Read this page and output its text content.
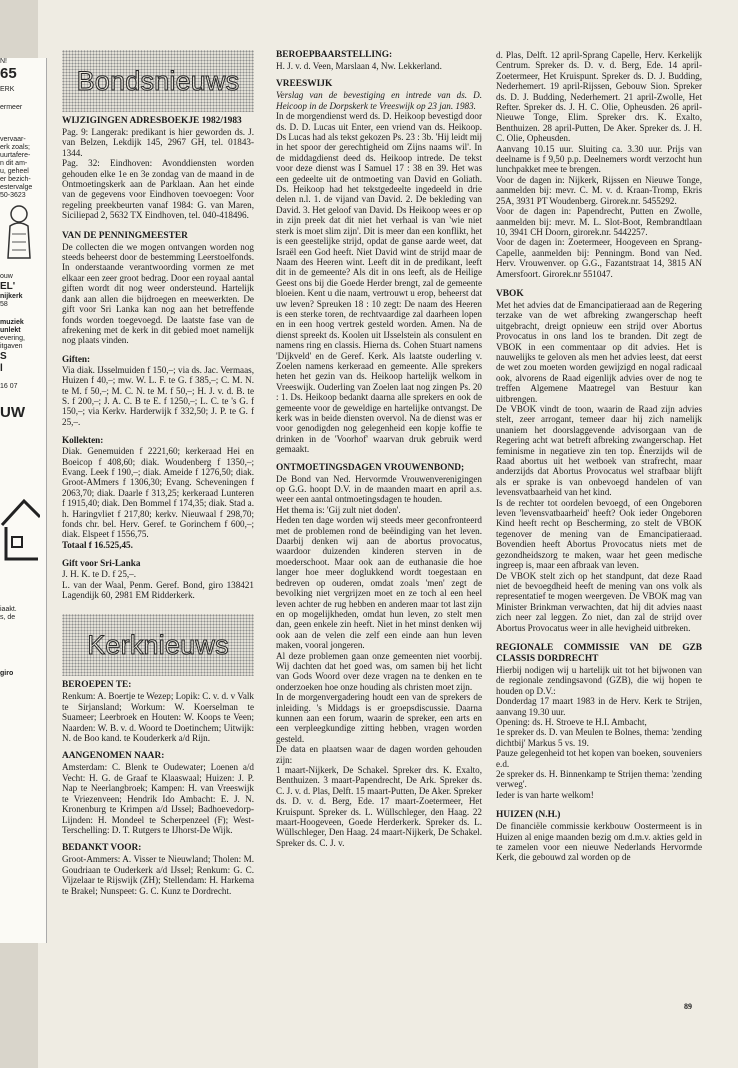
N!
65
ERK
ermeer
vervaar-
erk zoals;
uurtafere-
n dit am-
u, geheel
er bezich-
estervalge
50-3623
ouw
EL'
nijkerk
58
muziek
unlekt
evering,
itgaven
S
l
16 07
UW
iaakt.
s, de
giro
Bondsnieuws
WIJZIGINGEN ADRESBOEKJE 1982/1983

Pag. 9: Langerak: predikant is hier geworden ds. J. van Belzen, Lekdijk 145, 2967 GH, tel. 01843-1344.

Pag. 32: Eindhoven: Avonddiensten worden gehouden elke 1e en 3e zondag van de maand in de Ontmoetingskerk aan de Parklaan. Aan het einde van de gegevens voor Eindhoven toevoegen: Voor regeling preekbeurten vanaf 1984: G. van Maren, Siciliepad 2, 5632 TX Eindhoven, tel. 040-418496.

VAN DE PENNINGMEESTER

De collecten die we mogen ontvangen worden nog steeds beheerst door de bestemming Leerstoelfonds. In onderstaande verantwoording vormen ze met elkaar een zeer groot bedrag. Door een royaal aantal giften wordt dit nog weer ondersteund. Hartelijk dank aan allen die bijdroegen en meewerkten. De gift voor Sri Lanka kan nog aan het betreffende fonds worden toegevoegd. De laatste fase van de afrekening met de kerk in dit gebied moet namelijk nog plaats vinden.

Giften:

Via diak. IJsselmuiden f 150,–; via ds. Jac. Vermaas, Huizen f 40,–; mw. W. L. F. te G. f 385,–; C. M. N. te M. f 50,–; M. C. N. te M. f 50,–; H. J. v. d. B. te S. f 200,–; J. A. C. B te E. f 1250,–; L. C. te 's G. f 150,–; via Kerkv. Harderwijk f 332,50; J. P. te G. f 25,–.

Kollekten:

Diak. Genemuiden f 2221,60; kerkeraad Hei en Boeicop f 408,60; diak. Woudenberg f 1350,–; Evang. Leek f 190,–; diak. Ameide f 1276,50; diak. Groot-AMmers f 1306,30; Evang. Scheveningen f 2063,70; diak. Daarle f 313,25; kerkeraad Lunteren f 1915,40; diak. Den Bommel f 174,35; diak. Stad a. h. Haringvliet f 217,80; kerkv. Nieuwaal f 298,70; fonds chr. bel. Herv. Geref. te Gorinchem f 600,–; diak. Elspeet f 1556,75.

Totaal f 16.525,45.

Gift voor Sri-Lanka

J. H. K. te D. f 25,–.

L. van der Waal, Penm. Geref. Bond, giro 138421 Lagendijk 60, 2981 EM Ridderkerk.

Kerknieuws
BEROEPEN TE:

Renkum: A. Boertje te Wezep; Lopik: C. v. d. v Valk te Sirjansland; Workum: W. Koerselman te Suameer; Leerbroek en Houten: W. Koops te Veen; Naarden: W. B. v. d. Woord te Doetinchem; Uitwijk: N. de Boo kand. te Kouderkerk a/d Rijn.

AANGENOMEN NAAR:

Amsterdam: C. Blenk te Oudewater; Loenen a/d Vecht: H. G. de Graaf te Klaaswaal; Huizen: J. P. Nap te Neerlangbroek; Kampen: H. van Vreeswijk te Vriezenveen; Hendrik Ido Ambacht: E. J. N. Kronenburg te Krimpen a/d IJssel; Badhoevedorp-Lijnden: H. Mondeel te Scherpenzeel (F); West-Terschelling: D. T. Rutgers te IJhorst-De Wijk.

BEDANKT VOOR:

Groot-Ammers: A. Visser te Nieuwland; Tholen: M. Goudriaan te Ouderkerk a/d IJssel; Renkum: G. C. Vijzelaar te Rijswijk (ZH); Stellendam: H. Harkema te Brakel; Nunspeet: G. C. Kunz te Dordrecht.

BEROEPBAARSTELLING:

H. J. v. d. Veen, Marslaan 4, Nw. Lekkerland.

VREESWIJK

Verslag van de bevestiging en intrede van ds. D. Heicoop in de Dorpskerk te Vreeswijk op 23 jan. 1983.

In de morgendienst werd ds. D. Heikoop bevestigd door ds. D. D. Lucas uit Enter, een vriend van ds. Heikoop. Ds Lucas had als tekst gekozen Ps. 23 : 3b. 'Hij leidt mij in het spoor der gerechtigheid om Zijns naams wil'. In de middagdienst deed ds. Heikoop intrede. De tekst voor deze dienst was I Samuel 17 : 38 en 39. Het was een gedeelte uit de ontmoeting van David en Goliath. Ds. Heikoop had het tekstgedeelte ingedeeld in drie delen n.l. 1. de vijand van David. 2. De bekleding van David. 3. Het geloof van David. Ds Heikoop wees er op in zijn preek dat dit niet het verhaal is van 'wie niet sterk is moet slim zijn'. Dit is meer dan een konflikt, het is een geestelijke strijd, opdat de ganse aarde weet, dat Israël een God heeft. Niet David wint de strijd maar de Naam des Heeren wint. Leeft dit in de predikant, leeft dit in de gemeente? Als dit in ons leeft, als de Heilige Geest ons bij die Goede Herder brengt, zal de gemeente bloeien. Kent u die naam, vertrouwt u erop, beheerst dat uw leven? Spreuken 18 : 10 zegt: De naam des Heeren is een sterke toren, de rechtvaardige zal daarheen lopen en in een hoog vertrek gesteld worden. Amen. Na de dienst spreekt ds. Koolen uit IJsselstein als consulent en namens ring en classis. Hierna ds. Cohen Stuart namens 'Dijkveld' en de Geref. Kerk. Als laatste ouderling v. Zoelen namens kerkeraad en gemeente. Alle sprekers heten het gezin van ds. Heikoop hartelijk welkom in Vreeswijk. Ouderling van Zoelen laat nog zingen Ps. 20 : 1. Ds. Heikoop bedankt daarna alle sprekers en ook de gemeente voor de geweldige en hartelijke ontvangst. De kerk was in beide diensten overvol. Na de dienst was er voor genodigden nog gelegenheid een kopje koffie te drinken in de 'Voorhof' waarvan druk gebruik werd gemaakt.

ONTMOETINGSDAGEN VROUWENBOND;

De Bond van Ned. Hervormde Vrouwenverenigingen op G.G. hoopt D.V. in de maanden maart en april a.s. weer een aantal ontmoetingsdagen te houden.

Het thema is: 'Gij zult niet doden'.

Heden ten dage worden wij steeds meer geconfronteerd met de problemen rond de beëindiging van het leven. Daarbij denken wij aan de abortus provocatus, waardoor duizenden kinderen sterven in de moederschoot. Maar ook aan de euthanasie die hoe langer hoe meer doglukkend wordt toegestaan en bedreven op ouderen, omdat zoals 'men' zegt de bevolking niet vergrijzen moet en ze toch al een heel leven achter de rug hebben en anderen maar tot last zijn en op mogelijkheden, omdat hun leven, zo stelt men dan, geen enkele zin heeft. Niet in het minst denken wij ook aan de velen die zelf een einde aan hun leven maken, vooral jongeren.

Al deze problemen gaan onze gemeenten niet voorbij. Wij dachten dat het goed was, om samen bij het licht van Gods Woord over deze vragen na te denken en te onderzoeken hoe onze houding als christen moet zijn.

In de morgenvergadering houdt een van de sprekers de inleiding. 's Middags is er groepsdiscussie. Daarna kunnen aan een forum, waarin de spreker, een arts en een verpleegkundige zitting hebben, vragen worden gesteld.

De data en plaatsen waar de dagen worden gehouden zijn:

1 maart-Nijkerk, De Schakel. Spreker drs. K. Exalto, Benthuizen. 3 maart-Papendrecht, De Ark. Spreker ds. C. J. v. d. Plas, Delft. 15 maart-Putten, De Aker. Spreker ds. D. v. d. Berg, Ede. 17 maart-Zoetermeer, Het Kruispunt. Spreker ds. L. Wüllschleger, den Haag. 22 maart-Hoogeveen, Goede Herderkerk. Spreker ds. L. Wüllschleger, Den Haag. 24 maart-Nijkerk, De Schakel. Spreker ds. C. J. v.

d. Plas, Delft. 12 april-Sprang Capelle, Herv. Kerkelijk Centrum. Spreker ds. D. v. d. Berg, Ede. 14 april-Zoetermeer, Het Kruispunt. Spreker ds. D. J. Budding, Nederhemert. 19 april-Rijssen, Gebouw Sion. Spreker ds. D. J. Budding, Nederhemert. 21 april-Zwolle, Het Refter. Spreker ds. J. H. C. Olie, Opheusden. 26 april-Nieuwe Tonge, Elim. Spreker drs. K. Exalto, Benthuizen. 28 april-Putten, De Aker. Spreker ds. J. H. C. Olie, Opheusden.

Aanvang 10.15 uur. Sluiting ca. 3.30 uur. Prijs van deelname is f 9,50 p.p. Deelnemers wordt verzocht hun lunchpakket mee te brengen.

Voor de dagen in: Nijkerk, Rijssen en Nieuwe Tonge, aanmelden bij: mevr. C. M. v. d. Kraan-Tromp, Ekris 25A, 3931 PT Woudenberg. Girorek.nr. 5455292.

Voor de dagen in: Papendrecht, Putten en Zwolle, aanmelden bij: mevr. M. L. Slot-Boot, Rembrandtlaan 10, 3941 CH Doorn, girorek.nr. 5442257.

Voor de dagen in: Zoetermeer, Hoogeveen en Sprang-Capelle, aanmelden bij: Penningm. Bond van Ned. Herv. Vrouwenver. op G.G., Fazantstraat 14, 3815 AN Amersfoort. Girorek.nr 551047.

VBOK

Met het advies dat de Emancipatieraad aan de Regering terzake van de wet afbreking zwangerschap heeft uitgebracht, dreigt opnieuw een strijd over Abortus Provocatus in ons land los te branden. Dit zegt de VBOK in een commentaar op dit advies. Het is nauwelijks te geloven als men het advies leest, dat eerst de wet zou moeten worden gewijzigd en nogal radicaal ook, alvorens de Raad eigenlijk advies over de nog te treffen Algemene Maatregel van Bestuur kan uitbrengen.

De VBOK vindt de toon, waarin de Raad zijn advies stelt, zeer arrogant, temeer daar hij zich namelijk unaniem het doorslaggevende advisorgaan van de Regering acht wat betreft afbreking zwangerschap. Het feminisme in negatieve zin ten top. Énerzijds wil de Raad abortus uit het wetboek van strafrecht, maar anderzijds dat Abortus Provocatus wel strafbaar blijft als er sprake is van onbevoegd handelen of van levensvatbaarheid van het kind.

Is de rechter tot oordelen bevoegd, of een Ongeboren leven 'levensvatbaarheid' heeft? Ook ieder Ongeboren Kind heeft recht op Bescherming, zo stelt de VBOK tegenover de mening van de Emancipatieraad. Bovendien heeft Abortus Provocatus niets met de gezondheidszorg te maken, waar het geen medische ingreep is, maar een afbraak van leven.

De VBOK stelt zich op het standpunt, dat deze Raad niet de bevoegdheid heeft de mening van ons volk als representatief te mogen weergeven. De VBOK mag van Minister Brinkman verwachten, dat hij dit advies naast zich neer zal leggen. Zo niet, dan zal de strijd over Abortus Provocatus weer in alle hevigheid uitbreken.

REGIONALE COMMISSIE VAN DE GZB CLASSIS DORDRECHT

Hierbij nodigen wij u hartelijk uit tot het bijwonen van de regionale zendingsavond (GZB), die wij hopen te houden op D.V.:

Donderdag 17 maart 1983 in de Herv. Kerk te Strijen, aanvang 19.30 uur.

Opening: ds. H. Stroeve te H.I. Ambacht,

1e spreker ds. D. van Meulen te Bolnes, thema: 'zending dichtbij' Markus 5 vs. 19.

Pauze gelegenheid tot het kopen van boeken, souveniers e.d.

2e spreker ds. H. Binnenkamp te Strijen thema: 'zending verweg'.

Ieder is van harte welkom!

HUIZEN (N.H.)

De financiële commissie kerkbouw Oostermeent is in Huizen al enige maanden bezig om d.m.v. akties geld in te zamelen voor een nieuwe Nederlands Hervormde Kerk, die gebouwd zal worden op de

89
